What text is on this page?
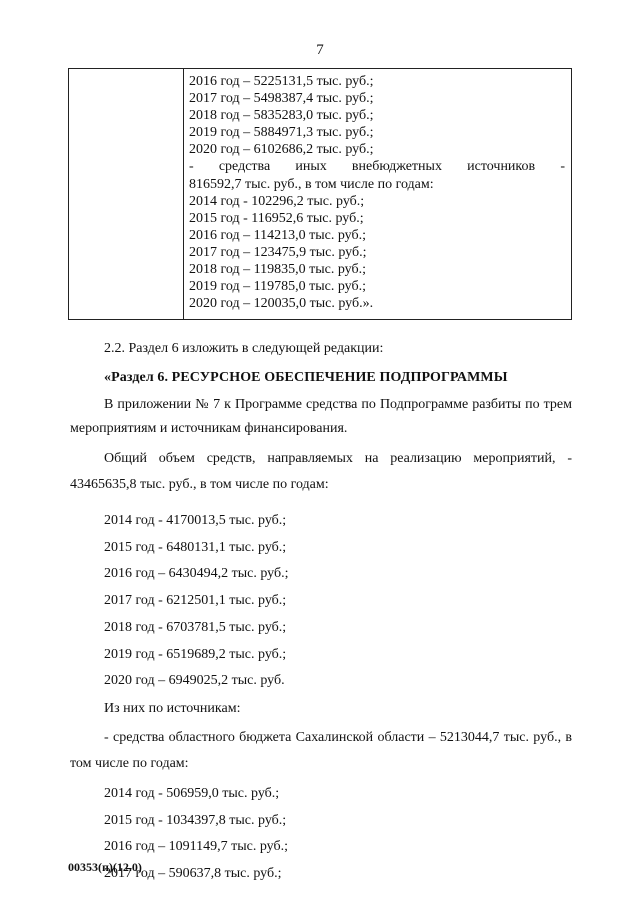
7
2016 год – 5225131,5 тыс. руб.;
2017 год – 5498387,4 тыс. руб.;
2018 год – 5835283,0 тыс. руб.;
2019 год – 5884971,3 тыс. руб.;
2020 год – 6102686,2 тыс. руб.;
- средства иных внебюджетных источников -
816592,7 тыс. руб., в том числе по годам:
2014 год - 102296,2 тыс. руб.;
2015 год - 116952,6 тыс. руб.;
2016 год – 114213,0 тыс. руб.;
2017 год – 123475,9 тыс. руб.;
2018 год – 119835,0 тыс. руб.;
2019 год – 119785,0 тыс. руб.;
2020 год – 120035,0 тыс. руб.».

2.2. Раздел 6 изложить в следующей редакции:

«Раздел 6. РЕСУРСНОЕ ОБЕСПЕЧЕНИЕ ПОДПРОГРАММЫ

В приложении № 7 к Программе средства по Подпрограмме разбиты по трем мероприятиям и источникам финансирования.

Общий объем средств, направляемых на реализацию мероприятий, - 43465635,8 тыс. руб., в том числе по годам:

2014 год - 4170013,5 тыс. руб.;
2015 год - 6480131,1 тыс. руб.;
2016 год – 6430494,2 тыс. руб.;
2017 год - 6212501,1 тыс. руб.;
2018 год - 6703781,5 тыс. руб.;
2019 год - 6519689,2 тыс. руб.;
2020 год – 6949025,2 тыс. руб.

Из них по источникам:

- средства областного бюджета Сахалинской области – 5213044,7 тыс. руб., в том числе по годам:

2014 год - 506959,0 тыс. руб.;
2015 год - 1034397,8 тыс. руб.;
2016 год – 1091149,7 тыс. руб.;
2017 год – 590637,8 тыс. руб.;
00353(п)(12.0)
